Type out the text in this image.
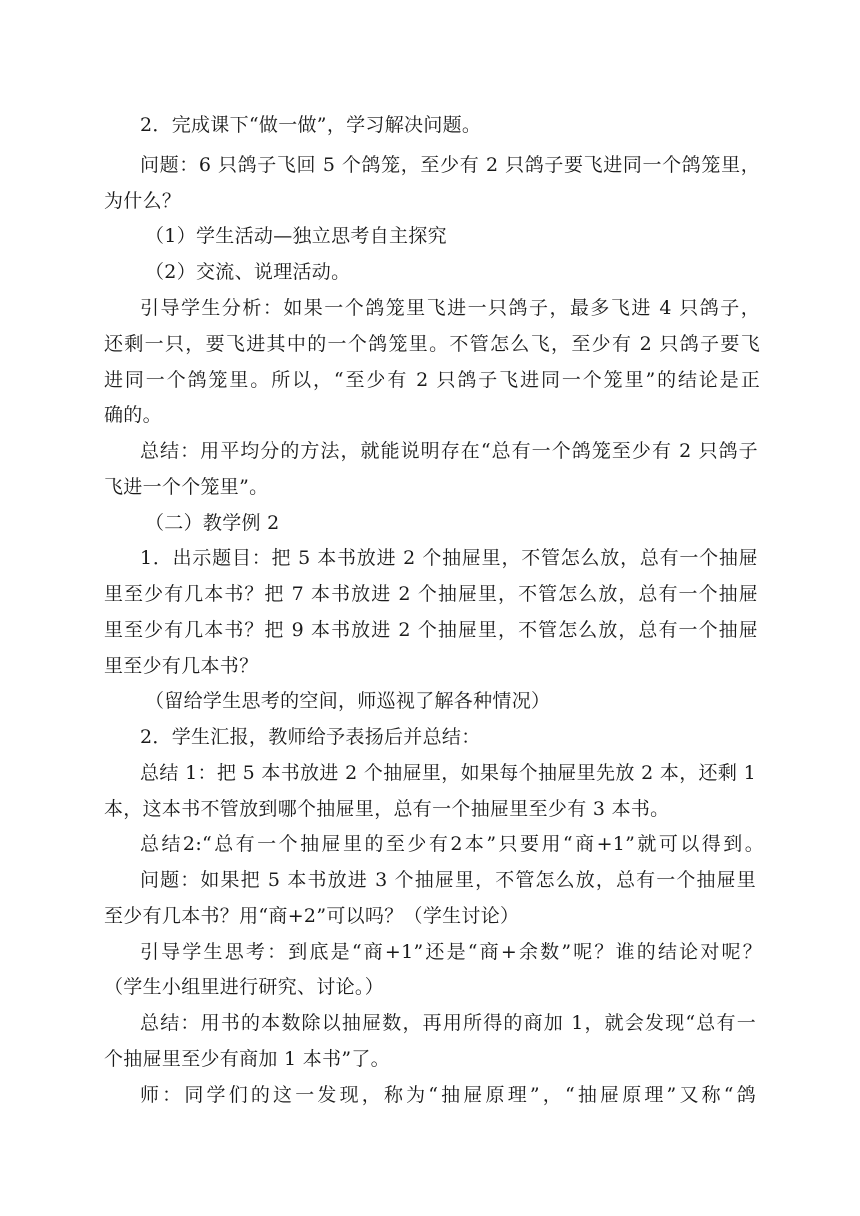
2．完成课下“做一做”，学习解决问题。
问题：6 只鸽子飞回 5 个鸽笼，至少有 2 只鸽子要飞进同一个鸽笼里，
为什么？
（1）学生活动—独立思考自主探究
（2）交流、说理活动。
引导学生分析：如果一个鸽笼里飞进一只鸽子，最多飞进 4 只鸽子，
还剩一只，要飞进其中的一个鸽笼里。不管怎么飞，至少有 2 只鸽子要飞
进同一个鸽笼里。所以，“至少有 2 只鸽子飞进同一个笼里”的结论是正
确的。
总结：用平均分的方法，就能说明存在“总有一个鸽笼至少有 2 只鸽子
飞进一个个笼里”。
（二）教学例 2
1．出示题目：把 5 本书放进 2 个抽屉里，不管怎么放，总有一个抽屉
里至少有几本书？把 7 本书放进 2 个抽屉里，不管怎么放，总有一个抽屉
里至少有几本书？把 9 本书放进 2 个抽屉里，不管怎么放，总有一个抽屉
里至少有几本书？
（留给学生思考的空间，师巡视了解各种情况）
2．学生汇报，教师给予表扬后并总结：
总结 1：把 5 本书放进 2 个抽屉里，如果每个抽屉里先放 2 本，还剩 1
本，这本书不管放到哪个抽屉里，总有一个抽屉里至少有 3 本书。
总结2:“总有一个抽屉里的至少有2本”只要用“商+1”就可以得到。
问题：如果把 5 本书放进 3 个抽屉里，不管怎么放，总有一个抽屉里
至少有几本书？用“商+2”可以吗？（学生讨论）
引导学生思考：到底是“商+1”还是“商+余数”呢？谁的结论对呢？
（学生小组里进行研究、讨论。）
总结：用书的本数除以抽屉数，再用所得的商加 1，就会发现“总有一
个抽屉里至少有商加 1 本书”了。
师：同学们的这一发现，称为“抽屉原理”，“抽屉原理”又称“鸽
